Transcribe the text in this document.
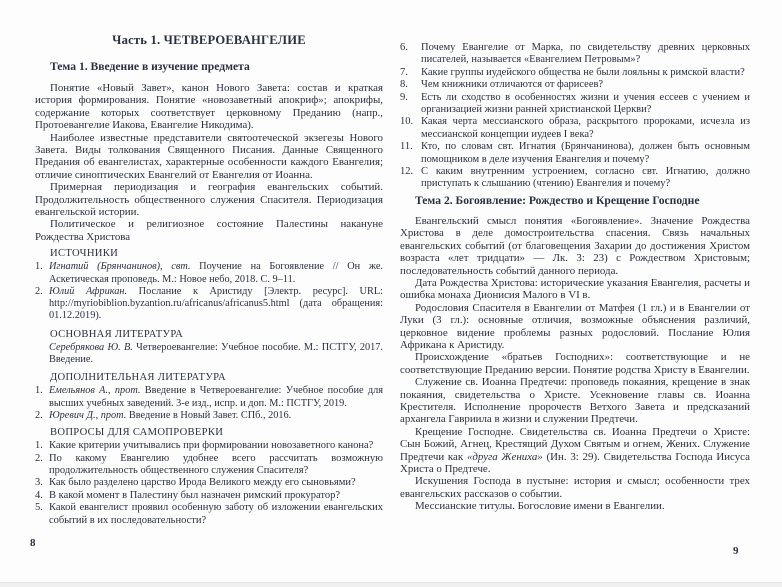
Часть 1. ЧЕТВЕРОЕВАНГЕЛИЕ
Тема 1. Введение в изучение предмета

Понятие «Новый Завет», канон Нового Завета: состав и краткая история формирования. Понятие «новозаветный апокриф»; апокрифы, содержание которых соответствует церковному Преданию (напр., Протоевангелие Иакова, Евангелие Никодима).

Наиболее известные представители святоотеческой экзегезы Нового Завета. Виды толкования Священного Писания. Данные Священного Предания об евангелистах, характерные особенности каждого Евангелия; отличие синоптических Евангелий от Евангелия от Иоанна.

Примерная периодизация и география евангельских событий. Продолжительность общественного служения Спасителя. Периодизация евангельской истории.

Политическое и религиозное состояние Палестины накануне Рождества Христова

ИСТОЧНИКИ
1. Игнатий (Брянчанинов), свт. Поучение на Богоявление // Он же. Аскетическая проповедь. М.: Новое небо, 2018. С. 9–11.
2. Юлий Африкан. Послание к Аристиду [Электр. ресурс]. URL: http://myriobiblion.byzantion.ru/africanus/africanus5.html (дата обращения: 01.12.2019).
ОСНОВНАЯ ЛИТЕРАТУРА

Серебрякова Ю. В. Четвероевангелие: Учебное пособие. М.: ПСТГУ, 2017. Введение.

ДОПОЛНИТЕЛЬНАЯ ЛИТЕРАТУРА
1. Емельянов А., прот. Введение в Четвероевангелие: Учебное пособие для высших учебных заведений. 3-е изд., испр. и доп. М.: ПСТГУ, 2019.
2. Юревич Д., прот. Введение в Новый Завет. СПб., 2016.
ВОПРОСЫ ДЛЯ САМОПРОВЕРКИ
1. Какие критерии учитывались при формировании новозаветного канона?
2. По какому Евангелию удобнее всего рассчитать возможную продолжительность общественного служения Спасителя?
3. Как было разделено царство Ирода Великого между его сыновьями?
4. В какой момент в Палестину был назначен римский прокуратор?
5. Какой евангелист проявил особенную заботу об изложении евангельских событий в их последовательности?
6.	Почему Евангелие от Марка, по свидетельству древних церковных писателей, называется «Евангелием Петровым»?
7.	Какие группы иудейского общества не были лояльны к римской власти?
8.	Чем книжники отличаются от фарисеев?
9.	Есть ли сходство в особенностях жизни и учения ессеев с учением и организацией жизни ранней христианской Церкви?
10. Какая черта мессианского образа, раскрытого пророками, исчезла из мессианской концепции иудеев I века?
11. Кто, по словам свт. Игнатия (Брянчанинова), должен быть основным помощником в деле изучения Евангелия и почему?
12. С каким внутренним устроением, согласно свт. Игнатию, должно приступать к слышанию (чтению) Евангелия и почему?
Тема 2. Богоявление: Рождество и Крещение Господне

Евангельский смысл понятия «Богоявление». Значение Рождества Христова в деле домостроительства спасения. Связь начальных евангельских событий (от благовещения Захарии до достижения Христом возраста «лет тридцати» — Лк. 3: 23) с Рождеством Христовым; последовательность событий данного периода.

Дата Рождества Христова: исторические указания Евангелия, расчеты и ошибка монаха Дионисия Малого в VI в.

Родословия Спасителя в Евангелии от Матфея (1 гл.) и в Евангелии от Луки (3 гл.): основные отличия, возможные объяснения различий, церковное видение проблемы разных родословий. Послание Юлия Африкана к Аристиду.

Происхождение «братьев Господних»: соответствующие и не соответствующие Преданию версии. Понятие родства Христу в Евангелии.

Служение св. Иоанна Предтечи: проповедь покаяния, крещение в знак покаяния, свидетельства о Христе. Усекновение главы св. Иоанна Крестителя. Исполнение пророчеств Ветхого Завета и предсказаний архангела Гавриила в жизни и служении Предтечи.

Крещение Господне. Свидетельства св. Иоанна Предтечи о Христе: Сын Божий, Агнец, Крестящий Духом Святым и огнем, Жених. Служение Предтечи как «друга Жениха» (Ин. 3: 29). Свидетельства Господа Иисуса Христа о Предтече.

Искушения Господа в пустыне: история и смысл; особенности трех евангельских рассказов о событии.

Мессианские титулы. Богословие имени в Евангелии.

8
9
